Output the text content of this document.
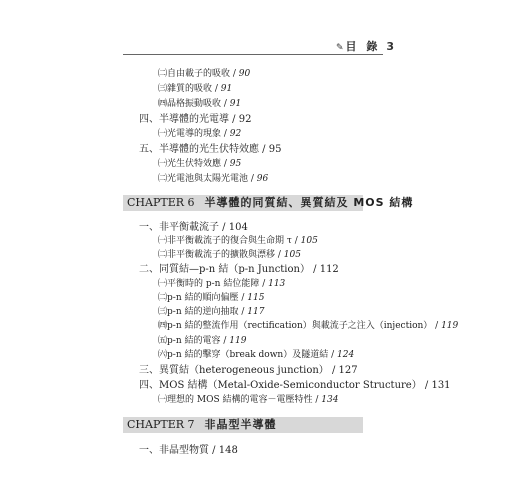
✎ 目 錄 3
㈡自由載子的吸收 / 90
㈢雜質的吸收 / 91
㈣晶格振動吸收 / 91
四、半導體的光電導 / 92
㈠光電導的現象 / 92
五、半導體的光生伏特效應 / 95
㈠光生伏特效應 / 95
㈡光電池與太陽光電池 / 96
CHAPTER 6 半導體的同質結、異質結及 MOS 結構
一、非平衡載流子 / 104
㈠非平衡載流子的復合與生命期 τ / 105
㈡非平衡載流子的擴散與漂移 / 105
二、同質結—p-n 結（p-n Junction） / 112
㈠平衡時的 p-n 結位能障 / 113
㈡p-n 結的順向偏壓 / 115
㈢p-n 結的逆向抽取 / 117
㈣p-n 結的整流作用（rectification）與載流子之注入（injection） / 119
㈤p-n 結的電容 / 119
㈥p-n 結的擊穿（break down）及隧道結 / 124
三、異質結（heterogeneous junction） / 127
四、MOS 結構（Metal-Oxide-Semiconductor Structure） / 131
㈠理想的 MOS 結構的電容－電壓特性 / 134
CHAPTER 7 非晶型半導體
一、非晶型物質 / 148
